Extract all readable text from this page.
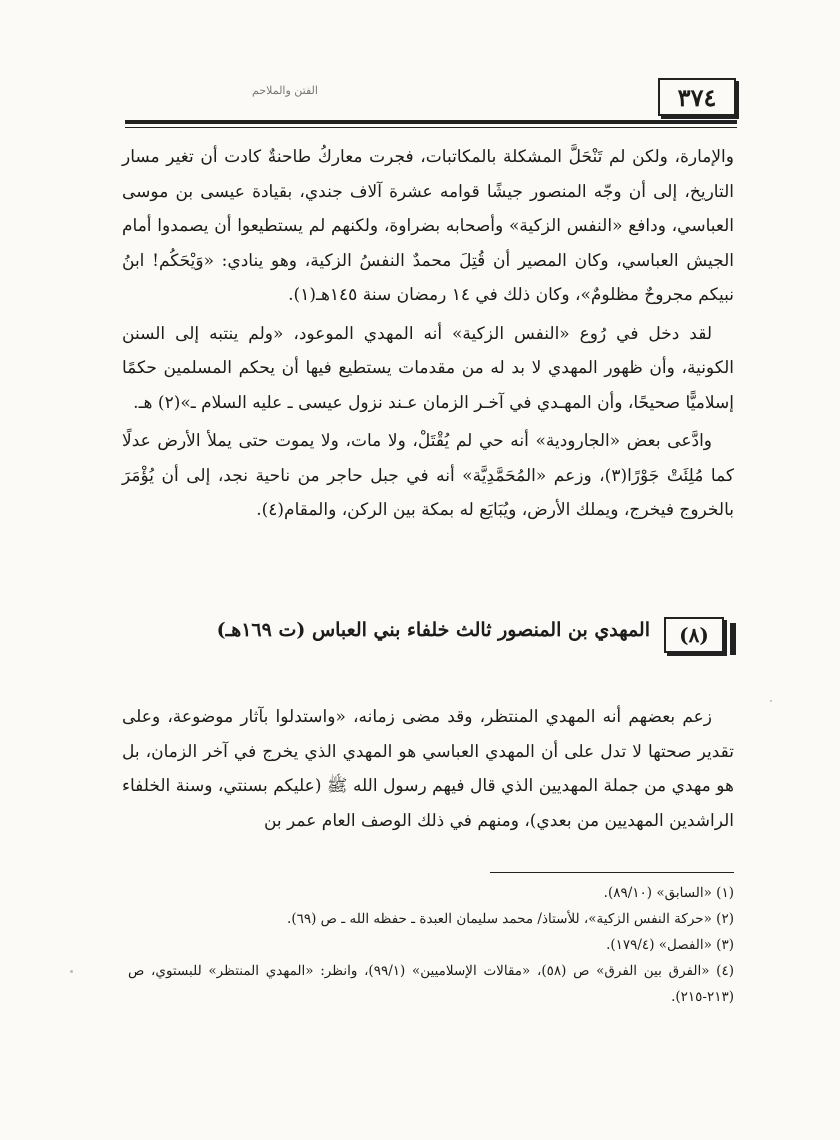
٣٧٤
الفتن والملاحم

والإمارة، ولكن لم تَنْحَلَّ المشكلة بالمكاتبات، فجرت معاركُ طاحنةٌ كادت أن تغير مسار التاريخ، إلى أن وجّه المنصور جيشًا قوامه عشرة آلاف جندي، بقيادة عيسى بن موسى العباسي، ودافع «النفس الزكية» وأصحابه بضراوة، ولكنهم لم يستطيعوا أن يصمدوا أمام الجيش العباسي، وكان المصير أن قُتِلَ محمدٌ النفسُ الزكية، وهو ينادي: «وَيْحَكُم! ابنُ نبيكم مجروحٌ مظلومٌ»، وكان ذلك في ١٤ رمضان سنة ١٤٥هـ(١).

لقد دخل في رُوع «النفس الزكية» أنه المهدي الموعود، «ولم ينتبه إلى السنن الكونية، وأن ظهور المهدي لا بد له من مقدمات يستطيع فيها أن يحكم المسلمين حكمًا إسلاميًّا صحيحًا، وأن المهـدي في آخـر الزمان عـند نزول عيسى ـ عليه السلام ـ»(٢) هـ.

وادَّعى بعض «الجارودية» أنه حي لم يُقْتَلْ، ولا مات، ولا يموت حتى يملأ الأرض عدلًا كما مُلِئَتْ جَوْرًا(٣)، وزعم «المُحَمَّدِيَّة» أنه في جبل حاجر من ناحية نجد، إلى أن يُؤْمَرَ بالخروج فيخرج، ويملك الأرض، ويُبَايَع له بمكة بين الركن، والمقام(٤).

(٨)
المهدي بن المنصور ثالث خلفاء بني العباس (ت ١٦٩هـ)

زعم بعضهم أنه المهدي المنتظر، وقد مضى زمانه، «واستدلوا بآثار موضوعة، وعلى تقدير صحتها لا تدل على أن المهدي العباسي هو المهدي الذي يخرج في آخر الزمان، بل هو مهدي من جملة المهديين الذي قال فيهم رسول الله ﷺ (عليكم بسنتي، وسنة الخلفاء الراشدين المهديين من بعدي)، ومنهم في ذلك الوصف العام عمر بن

(١) «السابق» (٨٩/١٠).

(٢) «حركة النفس الزكية»، للأستاذ/ محمد سليمان العبدة ـ حفظه الله ـ ص (٦٩).

(٣) «الفصل» (١٧٩/٤).

(٤) «الفرق بين الفرق» ص (٥٨)، «مقالات الإسلاميين» (٩٩/١)، وانظر: «المهدي المنتظر» للبستوي، ص (٢١٣-٢١٥).
